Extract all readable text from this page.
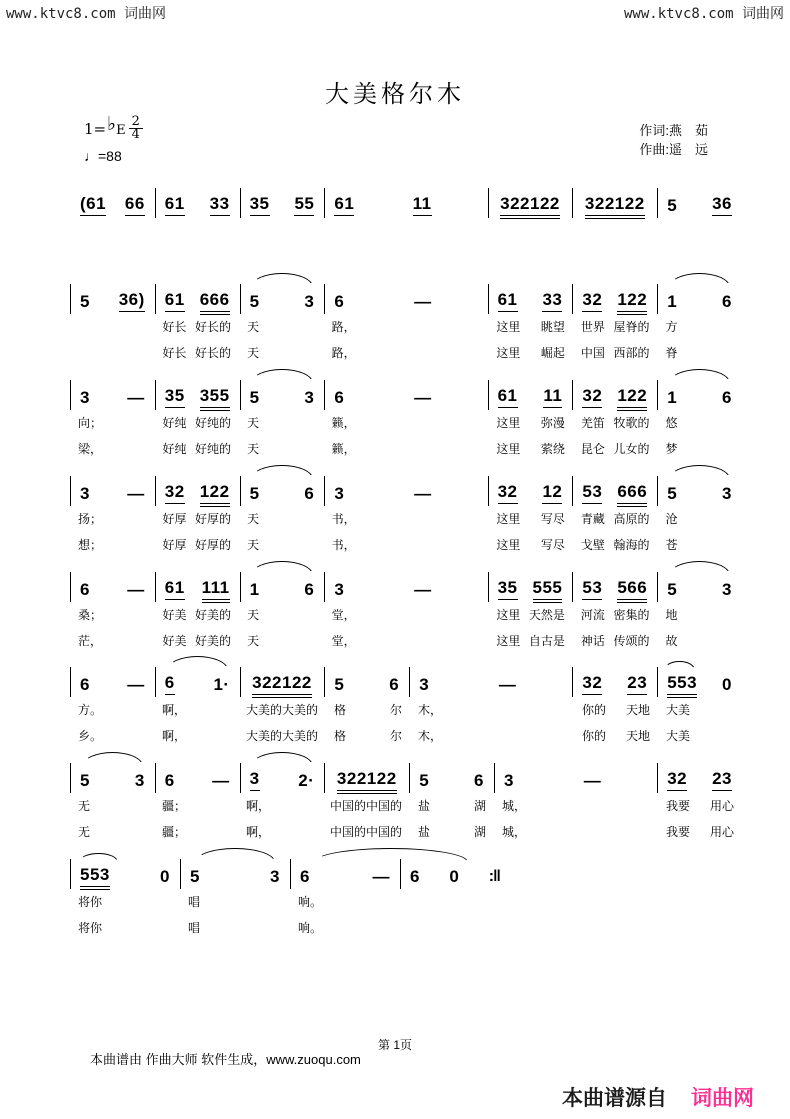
www.ktvc8.com 词曲网	www.ktvc8.com 词曲网
大美格尔木
1= ♭ E $\frac{2}{4}$
♩=88
作词:燕　茹
作曲:遥　远
(61 66 61 33 35 55 61	11	322122 322122 5 36
5 36) 61 666 5	3 6	—	61 33 32 122 1	6
好长 好长的 天	路，	这里 眺望 世界 屋脊的 方
好长 好长的 天	路，	这里 崛起 中国 西部的 脊
3 — 35 355 5	3 6	—	61 11 32 122 1	6
向；	好纯 好纯的 天	籁，	这里 弥漫 羌笛 牧歌的 悠
梁，	好纯 好纯的 天	籁，	这里 萦绕 昆仑 儿女的 梦
3 — 32 122 5	6 3	—	32 12 53 666 5	3
扬；	好厚 好厚的 天	书，	这里 写尽 青藏 高原的 沧
想；	好厚 好厚的 天	书，	这里 写尽 戈壁 翰海的 苍
6 — 61 111 1	6 3	—	35 555 53 566 5	3
桑；	好美 好美的 天	堂，	这里 天然是 河流 密集的 地
茫，	好美 好美的 天	堂，	这里 自古是 神话 传颂的 故
6 — 6 1· 322122 5	6 3	—	32 23 553 0
方。	啊，	大美的大美的 格	尔 木，	你的 天地 大美
乡。	啊，	大美的大美的 格	尔 木，	你的 天地 大美
5	3 6 — 3 2· 322122 5	6 3	—	32 23
无	疆；	啊，	中国的中国的 盐	湖 城，	我要 用心
无	疆；	啊，	中国的中国的 盐	湖 城，	我要 用心
553	0 5	3 6	— 6 0 :‖
将你	唱	响。
将你	唱	响。
第 1页
本曲谱由 作曲大师 软件生成，www.zuoqu.com
本曲谱源自 词曲网
